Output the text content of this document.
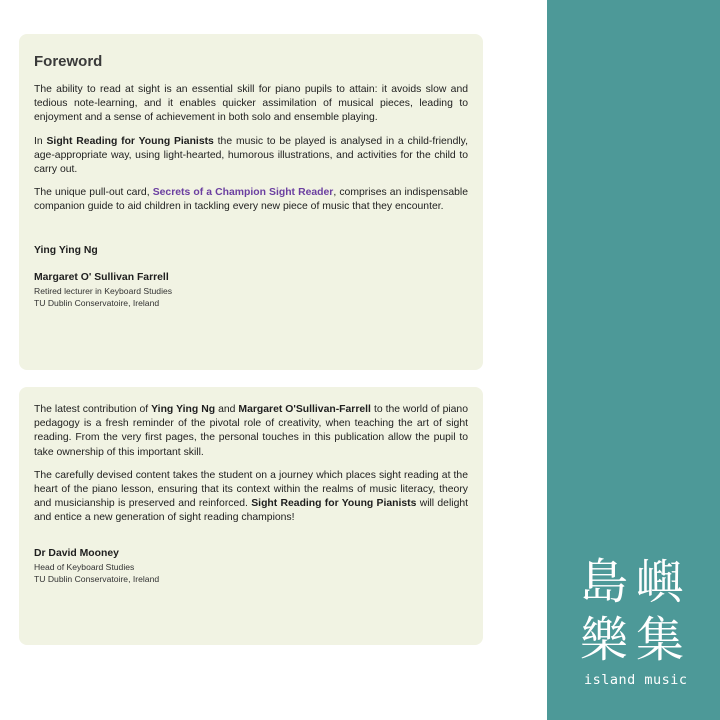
Foreword

The ability to read at sight is an essential skill for piano pupils to attain: it avoids slow and tedious note-learning, and it enables quicker assimilation of musical pieces, leading to enjoyment and a sense of achievement in both solo and ensemble playing.

In Sight Reading for Young Pianists the music to be played is analysed in a child-friendly, age-appropriate way, using light-hearted, humorous illustrations, and activities for the child to carry out.

The unique pull-out card, Secrets of a Champion Sight Reader, comprises an indispensable companion guide to aid children in tackling every new piece of music that they encounter.

Ying Ying Ng

Margaret O' Sullivan Farrell

Retired lecturer in Keyboard Studies

TU Dublin Conservatoire, Ireland

The latest contribution of Ying Ying Ng and Margaret O'Sullivan-Farrell to the world of piano pedagogy is a fresh reminder of the pivotal role of creativity, when teaching the art of sight reading. From the very first pages, the personal touches in this publication allow the pupil to take ownership of this important skill.

The carefully devised content takes the student on a journey which places sight reading at the heart of the piano lesson, ensuring that its context within the realms of music literacy, theory and musicianship is preserved and reinforced. Sight Reading for Young Pianists will delight and entice a new generation of sight reading champions!

Dr David Mooney

Head of Keyboard Studies

TU Dublin Conservatoire, Ireland	島 嶼
樂 集
island music
